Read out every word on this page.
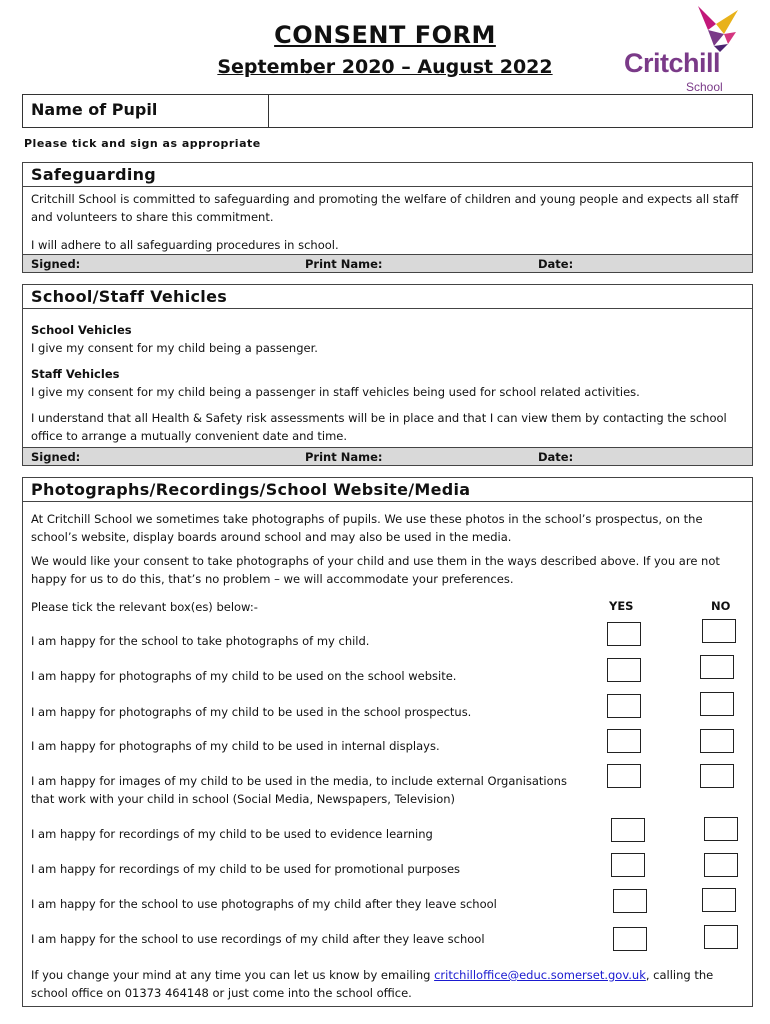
CONSENT FORM
September 2020 – August 2022	Critchill
School
Name of Pupil
Please tick and sign as appropriate
Safeguarding

Critchill School is committed to safeguarding and promoting the welfare of children and young people and expects all staff and volunteers to share this commitment.

I will adhere to all safeguarding procedures in school.

Signed:	Print Name:	Date:
School/Staff Vehicles
School Vehicles
I give my consent for my child being a passenger.
Staff Vehicles
I give my consent for my child being a passenger in staff vehicles being used for school related activities.
I understand that all Health & Safety risk assessments will be in place and that I can view them by contacting the school office to arrange a mutually convenient date and time.
Signed:	Print Name:	Date:
Photographs/Recordings/School Website/Media

At Critchill School we sometimes take photographs of pupils. We use these photos in the school’s prospectus, on the school’s website, display boards around school and may also be used in the media.

We would like your consent to take photographs of your child and use them in the ways described above. If you are not happy for us to do this, that’s no problem – we will accommodate your preferences.

Please tick the relevant box(es) below:-	YES	NO
I am happy for the school to take photographs of my child.
I am happy for photographs of my child to be used on the school website.
I am happy for photographs of my child to be used in the school prospectus.
I am happy for photographs of my child to be used in internal displays.
I am happy for images of my child to be used in the media, to include external Organisations that work with your child in school (Social Media, Newspapers, Television)
I am happy for recordings of my child to be used to evidence learning
I am happy for recordings of my child to be used for promotional purposes
I am happy for the school to use photographs of my child after they leave school
I am happy for the school to use recordings of my child after they leave school
If you change your mind at any time you can let us know by emailing critchilloffice@educ.somerset.gov.uk, calling the school office on 01373 464148 or just come into the school office.
